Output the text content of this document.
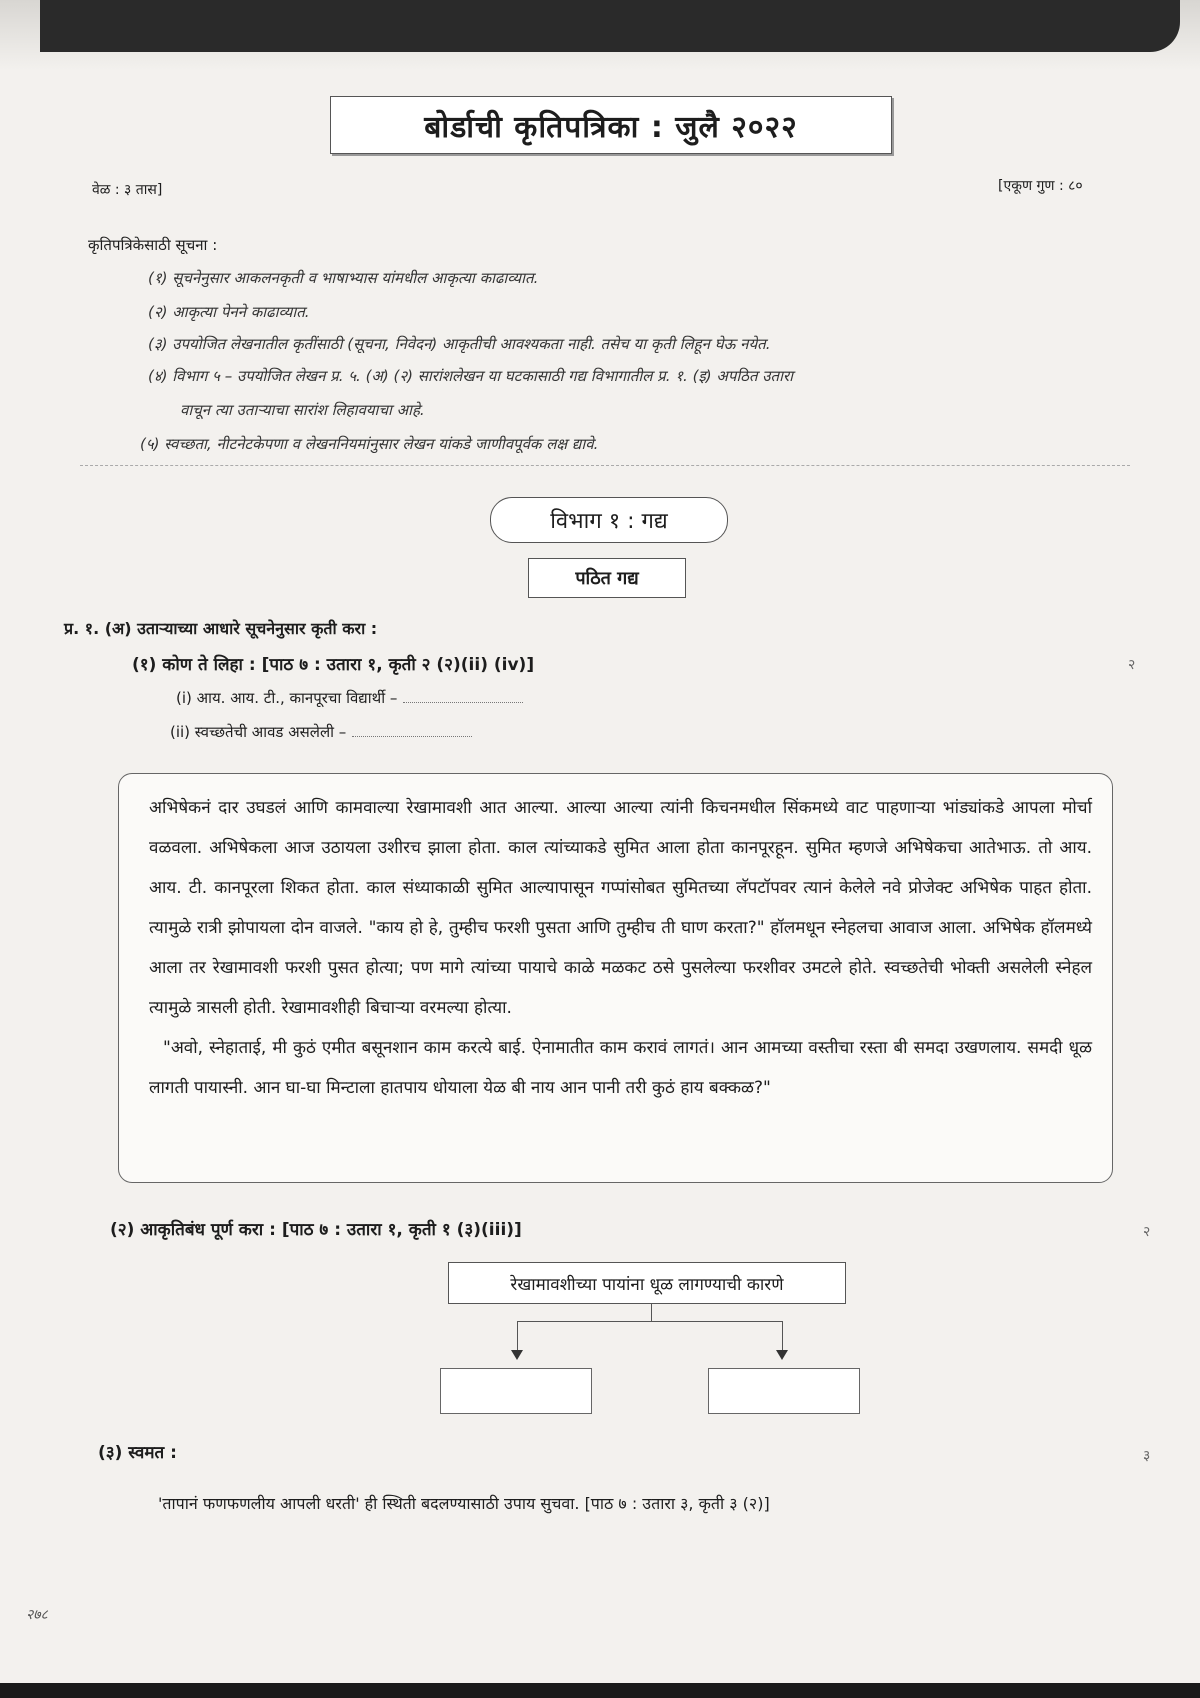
बोर्डाची कृतिपत्रिका : जुलै २०२२
वेळ : ३ तास]	[एकूण गुण : ८०
कृतिपत्रिकेसाठी सूचना :
(१) सूचनेनुसार आकलनकृती व भाषाभ्यास यांमधील आकृत्या काढाव्यात.
(२) आकृत्या पेनने काढाव्यात.
(३) उपयोजित लेखनातील कृतींसाठी (सूचना, निवेदन) आकृतीची आवश्यकता नाही. तसेच या कृती लिहून घेऊ नयेत.
(४) विभाग ५ – उपयोजित लेखन प्र. ५. (अ) (२) सारांशलेखन या घटकासाठी गद्य विभागातील प्र. १. (इ) अपठित उतारा
वाचून त्या उताऱ्याचा सारांश लिहावयाचा आहे.
(५) स्वच्छता, नीटनेटकेपणा व लेखननियमांनुसार लेखन यांकडे जाणीवपूर्वक लक्ष द्यावे.
विभाग १ : गद्य
पठित गद्य
प्र. १. (अ) उताऱ्याच्या आधारे सूचनेनुसार कृती करा :
(१) कोण ते लिहा : [पाठ ७ : उतारा १, कृती २ (२)(ii) (iv)]	२
(i) आय. आय. टी., कानपूरचा विद्यार्थी –
(ii) स्वच्छतेची आवड असलेली –

अभिषेकनं दार उघडलं आणि कामवाल्या रेखामावशी आत आल्या. आल्या आल्या त्यांनी किचनमधील सिंकमध्ये वाट पाहणाऱ्या भांड्यांकडे आपला मोर्चा वळवला. अभिषेकला आज उठायला उशीरच झाला होता. काल त्यांच्याकडे सुमित आला होता कानपूरहून. सुमित म्हणजे अभिषेकचा आतेभाऊ. तो आय. आय. टी. कानपूरला शिकत होता. काल संध्याकाळी सुमित आल्यापासून गप्पांसोबत सुमितच्या लॅपटॉपवर त्यानं केलेले नवे प्रोजेक्ट अभिषेक पाहत होता. त्यामुळे रात्री झोपायला दोन वाजले. "काय हो हे, तुम्हीच फरशी पुसता आणि तुम्हीच ती घाण करता?" हॉलमधून स्नेहलचा आवाज आला. अभिषेक हॉलमध्ये आला तर रेखामावशी फरशी पुसत होत्या; पण मागे त्यांच्या पायाचे काळे मळकट ठसे पुसलेल्या फरशीवर उमटले होते. स्वच्छतेची भोक्ती असलेली स्नेहल त्यामुळे त्रासली होती. रेखामावशीही बिचाऱ्या वरमल्या होत्या.

"अवो, स्नेहाताई, मी कुठं एमीत बसूनशान काम करत्ये बाई. ऐनामातीत काम करावं लागतं। आन आमच्या वस्तीचा रस्ता बी समदा उखणलाय. समदी धूळ लागती पायास्नी. आन घा-घा मिन्टाला हातपाय धोयाला येळ बी नाय आन पानी तरी कुठं हाय बक्कळ?"

(२) आकृतिबंध पूर्ण करा : [पाठ ७ : उतारा १, कृती १ (३)(iii)]	२
रेखामावशीच्या पायांना धूळ लागण्याची कारणे
(३) स्वमत :	३
'तापानं फणफणलीय आपली धरती' ही स्थिती बदलण्यासाठी उपाय सुचवा. [पाठ ७ : उतारा ३, कृती ३ (२)]
२७८
